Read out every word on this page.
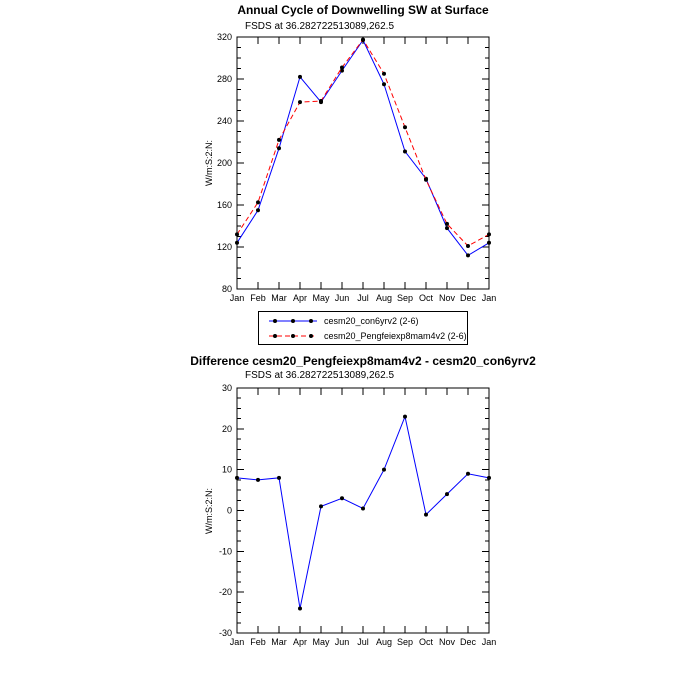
Annual Cycle of Downwelling SW at Surface
FSDS at 36.282722513089,262.5
W/m:S:2:N:
80
120
160
200
240
280
320
Jan Feb Mar Apr May Jun Jul Aug Sep Oct Nov Dec Jan
cesm20_con6yrv2 (2-6)
cesm20_Pengfeiexp8mam4v2 (2-6)
Difference cesm20_Pengfeiexp8mam4v2 - cesm20_con6yrv2
FSDS at 36.282722513089,262.5
W/m:S:2:N:
-30
-20
-10
0
10
20
30
Jan Feb Mar Apr May Jun Jul Aug Sep Oct Nov Dec Jan
